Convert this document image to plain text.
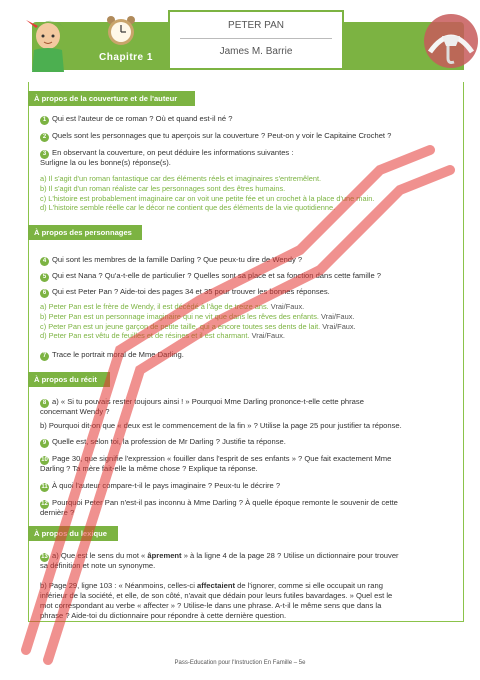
Chapitre 1
PETER PAN
James M. Barrie
À propos de la couverture et de l'auteur
1 Qui est l'auteur de ce roman ? Où et quand est-il né ?
2 Quels sont les personnages que tu aperçois sur la couverture ? Peut-on y voir le Capitaine Crochet ?
3 En observant la couverture, on peut déduire les informations suivantes :
Surligne la ou les bonne(s) réponse(s).
a) Il s'agit d'un roman fantastique car des éléments réels et imaginaires s'entremêlent.
b) Il s'agit d'un roman réaliste car les personnages sont des êtres humains.
c) L'histoire est probablement imaginaire car on voit une petite fée et un crochet à la place d'une main.
d) L'histoire semble réelle car le décor ne contient que des éléments de la vie quotidienne.
À propos des personnages
4 Qui sont les membres de la famille Darling ? Que peux-tu dire de Wendy ?
5 Qui est Nana ? Qu'a-t-elle de particulier ? Quelles sont sa place et sa fonction dans cette famille ?
6 Qui est Peter Pan ? Aide-toi des pages 34 et 35 pour trouver les bonnes réponses.
a) Peter Pan est le frère de Wendy, il est décédé à l'âge de treize ans. Vrai/Faux.
b) Peter Pan est un personnage imaginaire qui ne vit que dans les rêves des enfants. Vrai/Faux.
c) Peter Pan est un jeune garçon de petite taille, qui a encore toutes ses dents de lait. Vrai/Faux.
d) Peter Pan est vêtu de feuilles et de résines et il est charmant. Vrai/Faux.
7 Trace le portrait moral de Mme Darling.
À propos du récit
8 a) « Si tu pouvais rester toujours ainsi ! » Pourquoi Mme Darling prononce-t-elle cette phrase
concernant Wendy ?
b) Pourquoi dit-on que « deux est le commencement de la fin » ? Utilise la page 25 pour justifier ta réponse.
9 Quelle est, selon toi, la profession de Mr Darling ? Justifie ta réponse.
10 Page 30, que signifie l'expression « fouiller dans l'esprit de ses enfants » ? Que fait exactement Mme
Darling ? Ta mère fait-elle la même chose ? Explique ta réponse.
11 À quoi l'auteur compare-t-il le pays imaginaire ? Peux-tu le décrire ?
12 Pourquoi Peter Pan n'est-il pas inconnu à Mme Darling ? À quelle époque remonte le souvenir de cette
dernière ?
À propos du lexique
13 a) Que est le sens du mot « âprement » à la ligne 4 de la page 28 ? Utilise un dictionnaire pour trouver
sa définition et note un synonyme.
b) Page 29, ligne 103 : « Néanmoins, celles-ci affectaient de l'ignorer, comme si elle occupait un rang
inférieur de la société, et elle, de son côté, n'avait que dédain pour leurs futiles bavardages. » Quel est le
mot correspondant au verbe « affecter » ? Utilise-le dans une phrase. A-t-il le même sens que dans la
phrase ? Aide-toi du dictionnaire pour répondre à cette dernière question.
Pass-Education pour l'Instruction En Famille – 5e
